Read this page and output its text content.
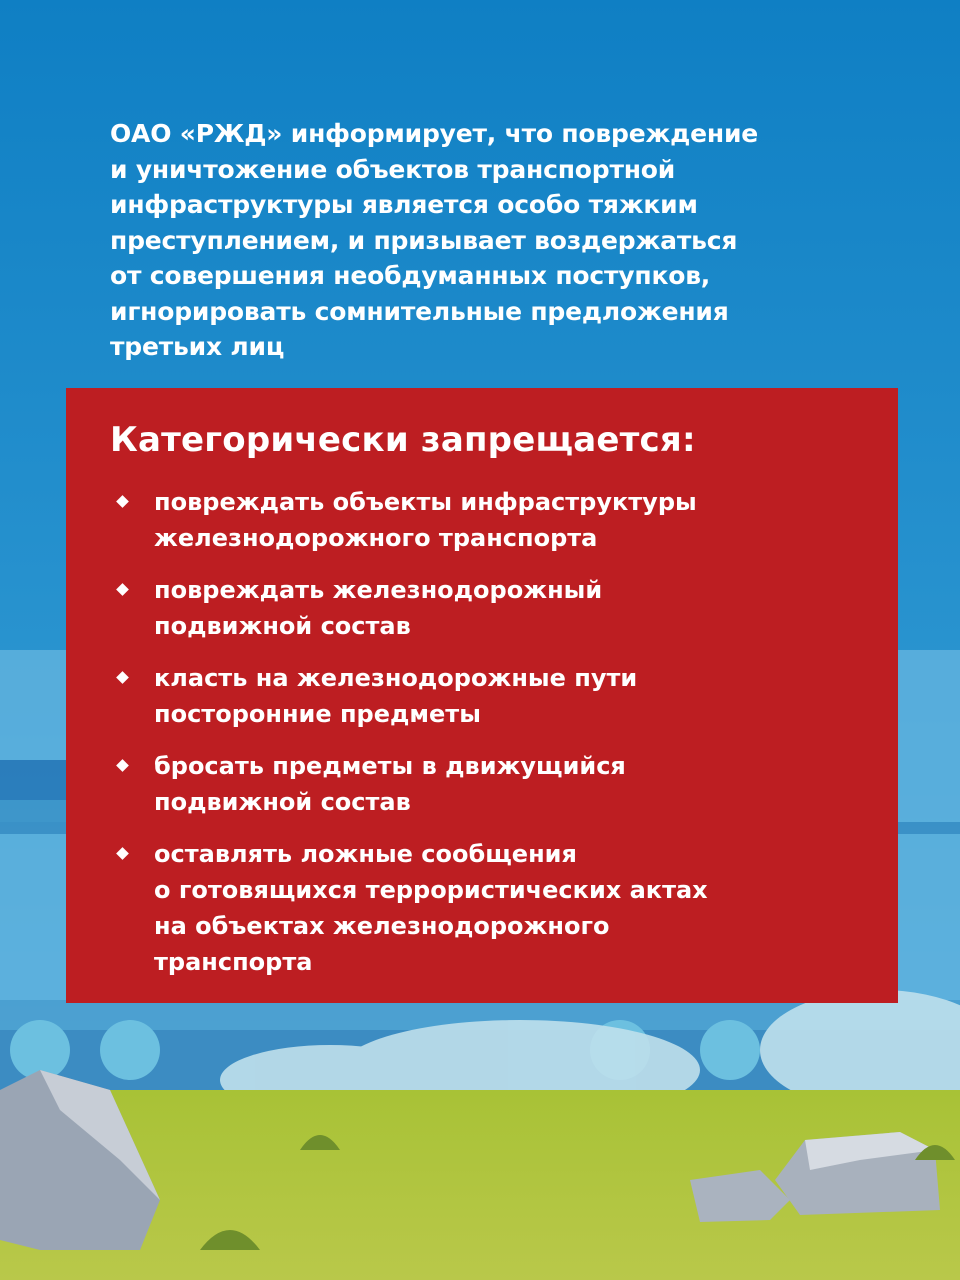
ОАО «РЖД» информирует, что повреждение
и уничтожение объектов транспортной
инфраструктуры является особо тяжким
преступлением, и призывает воздержаться
от совершения необдуманных поступков,
игнорировать сомнительные предложения
третьих лиц
Категорически запрещается:
повреждать объекты инфраструктуры
железнодорожного транспорта
повреждать железнодорожный
подвижной состав
класть на железнодорожные пути
посторонние предметы
бросать предметы в движущийся
подвижной состав
оставлять ложные сообщения
о готовящихся террористических актах
на объектах железнодорожного
транспорта
